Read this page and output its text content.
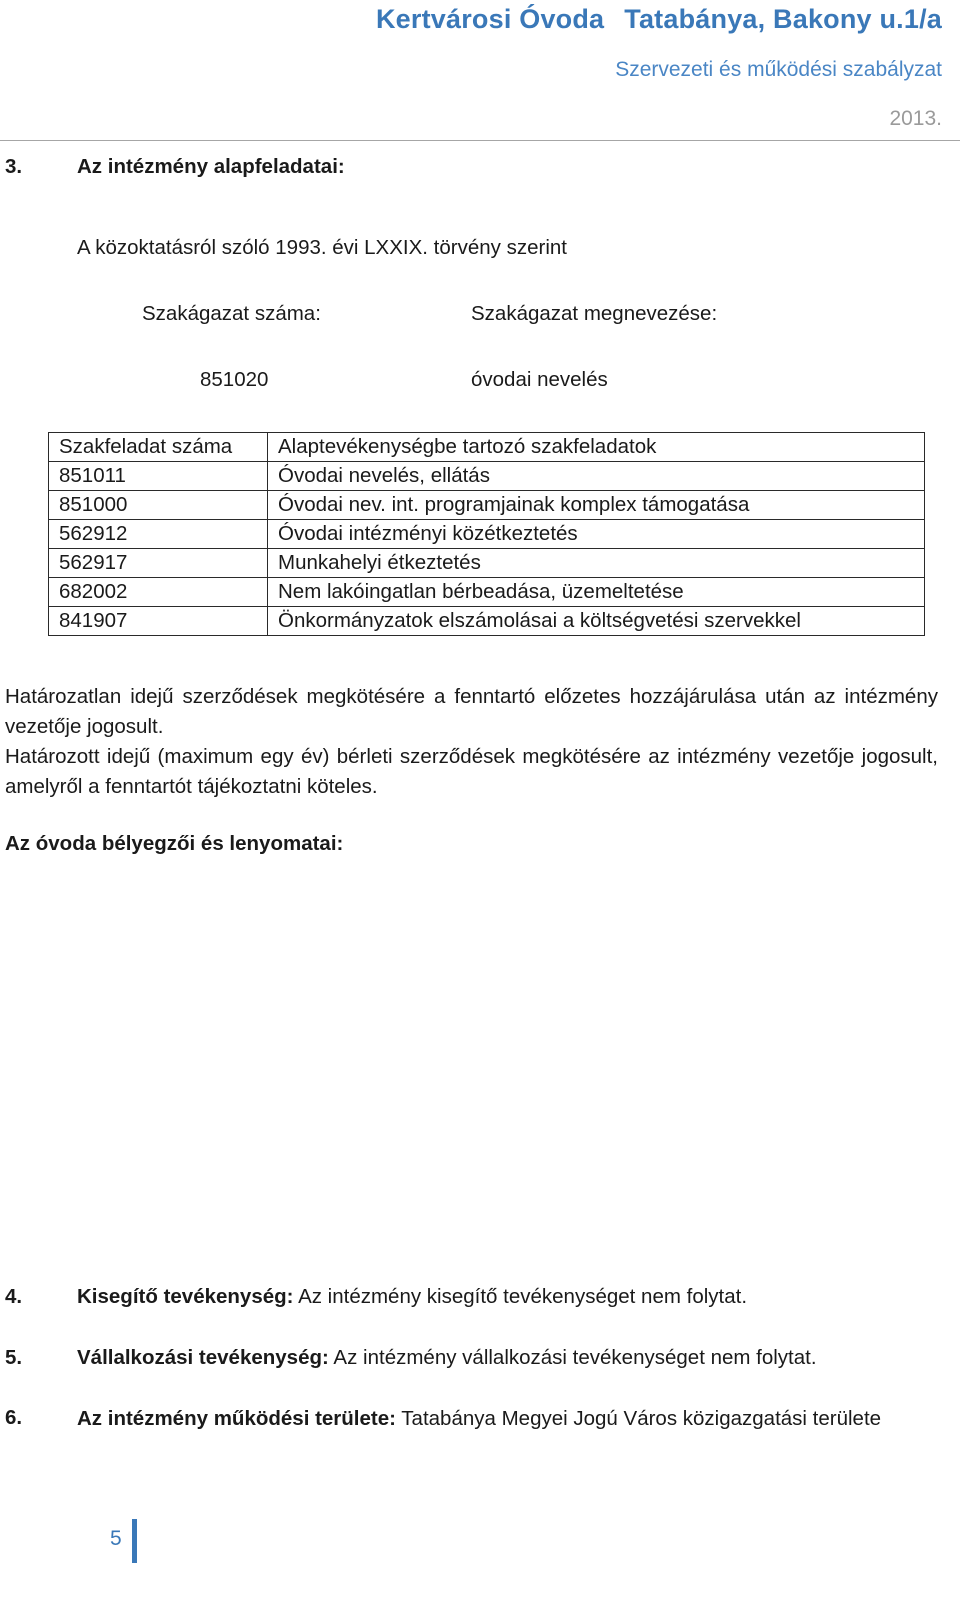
Kertvárosi Óvoda Tatabánya, Bakony u.1/a
Szervezeti és működési szabályzat
2013.
3.	Az intézmény alapfeladatai:
A közoktatásról szóló 1993. évi LXXIX. törvény szerint
Szakágazat száma:	Szakágazat megnevezése:
851020	óvodai nevelés
Szakfeladat száma	Alaptevékenységbe tartozó szakfeladatok
851011	Óvodai nevelés, ellátás
851000	Óvodai nev. int. programjainak komplex támogatása
562912	Óvodai intézményi közétkeztetés
562917	Munkahelyi étkeztetés
682002	Nem lakóingatlan bérbeadása, üzemeltetése
841907	Önkormányzatok elszámolásai a költségvetési szervekkel
Határozatlan idejű szerződések megkötésére a fenntartó előzetes hozzájárulása után az intézmény vezetője jogosult.
Határozott idejű (maximum egy év) bérleti szerződések megkötésére az intézmény vezetője jogosult, amelyről a fenntartót tájékoztatni köteles.
Az óvoda bélyegzői és lenyomatai:
4.	Kisegítő tevékenység: Az intézmény kisegítő tevékenységet nem folytat.
5.	Vállalkozási tevékenység: Az intézmény vállalkozási tevékenységet nem folytat.
6.	Az intézmény működési területe: Tatabánya Megyei Jogú Város közigazgatási területe
5
